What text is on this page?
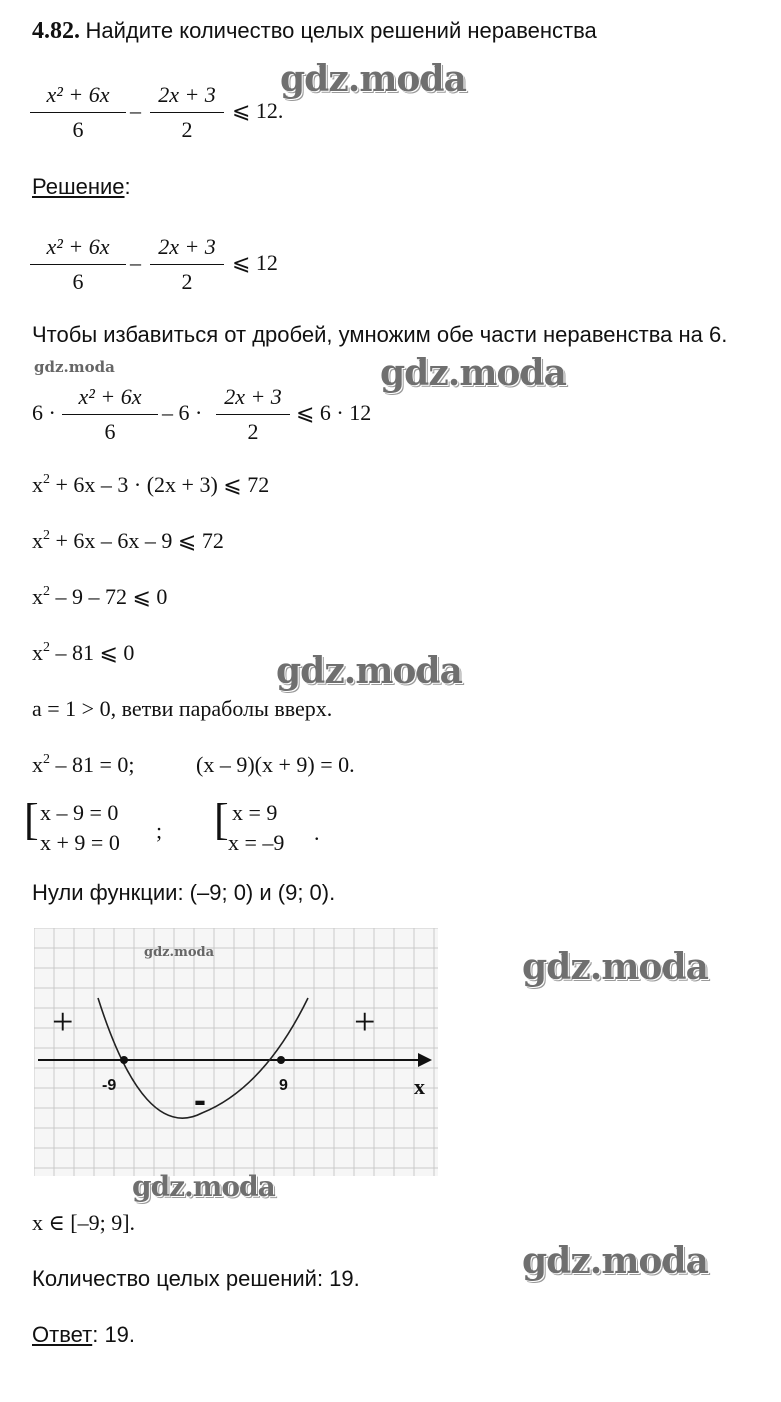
4.82. Найдите количество целых решений неравенства
x² + 6x
6
–
2x + 3
2
⩽ 12.
Решение:
x² + 6x
6
–
2x + 3
2
⩽ 12
Чтобы избавиться от дробей, умножим обе части неравенства на 6.
6 ·
x² + 6x
6
– 6 ·
2x + 3
2
⩽ 6 · 12
$x^2 + 6x - 3 \cdot (2x + 3)$ ⩽ 72
$x^2 + 6x - 6x - 9$ ⩽ 72
$x^2 - 9 - 72$ ⩽ 0
$x^2 - 81$ ⩽ 0
a = 1 > 0, ветви параболы вверх.
$x^2 - 81 = 0$;	(x – 9)(x + 9) = 0.
[ x – 9 = 0
x + 9 = 0 ; [ x = 9
x = –9 .
Нули функции: (–9; 0) и (9; 0).
+	+
-
-9	9	x
gdz.moda
x ∈ [–9; 9].
Количество целых решений: 19.
Ответ: 19.
gdz.moda
gdz.moda	gdz.moda
gdz.moda
gdz.moda
gdz.moda
gdz.moda
